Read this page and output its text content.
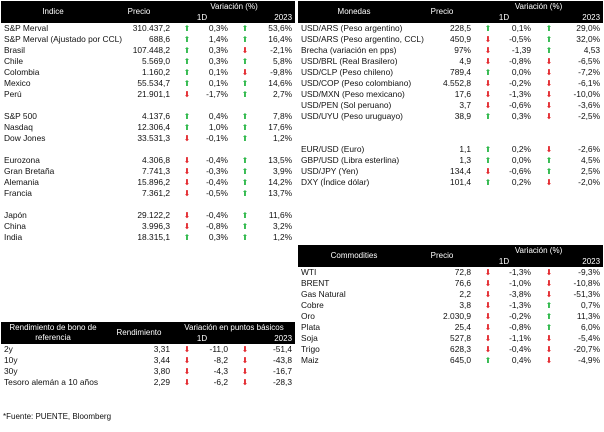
Indice	Precio	Variación (%)			
		1D		2023	
S&P Merval	310.437,2	⬆	0,3%	⬆	53,6%
S&P Merval (Ajustado por CCL)	688,6	⬆	1,4%	⬆	16,4%
Brasil	107.448,2	⬆	0,3%	⬇	-2,1%
Chile	5.569,0	⬆	0,3%	⬆	5,8%
Colombia	1.160,2	⬆	0,1%	⬇	-9,8%
Mexico	55.534,7	⬆	0,1%	⬆	14,6%
Perú	21.901,1	⬇	-1,7%	⬆	2,7%

S&P 500	4.137,6	⬆	0,4%	⬆	7,8%
Nasdaq	12.306,4	⬆	1,0%	⬆	17,6%
Dow Jones	33.531,3	⬇	-0,1%	⬆	1,2%

Eurozona	4.306,8	⬇	-0,4%	⬆	13,5%
Gran Bretaña	7.741,3	⬇	-0,3%	⬆	3,9%
Alemania	15.896,2	⬇	-0,4%	⬆	14,2%
Francia	7.361,2	⬇	-0,5%	⬆	13,7%

Japón	29.122,2	⬇	-0,4%	⬆	11,6%
China	3.996,3	⬇	-0,8%	⬆	3,2%
India	18.315,1	⬆	0,3%	⬆	1,2%
Rendimiento de bono de referencia	Rendimiento	Variación en puntos básicos			
		1D		2023	
2y	3,31	⬇	-11,0	⬇	-51,4
10y	3,44	⬇	-8,2	⬇	-43,8
30y	3,80	⬇	-4,3	⬇	-16,7
Tesoro alemán a 10 años	2,29	⬇	-6,2	⬇	-28,3
Monedas	Precio	Variación (%)			
		1D		2023	
USD/ARS (Peso argentino)	228,5	⬆	0,1%	⬆	29,0%
USD/ARS (Peso argentino, CCL)	450,9	⬇	-0,5%	⬆	32,0%
Brecha (variación en pps)	97%	⬇	-1,39	⬆	4,53
USD/BRL (Real Brasilero)	4,9	⬇	-0,8%	⬇	-6,5%
USD/CLP (Peso chileno)	789,4	⬆	0,0%	⬇	-7,2%
USD/COP (Peso colombiano)	4.552,8	⬇	-0,2%	⬇	-6,1%
USD/MXN (Peso mexicano)	17,6	⬇	-1,3%	⬇	-10,0%
USD/PEN (Sol peruano)	3,7	⬇	-0,6%	⬇	-3,6%
USD/UYU (Peso uruguayo)	38,9	⬆	0,3%	⬇	-2,5%

EUR/USD (Euro)	1,1	⬆	0,2%	⬇	-2,6%
GBP/USD (Libra esterlina)	1,3	⬆	0,0%	⬆	4,5%
USD/JPY (Yen)	134,4	⬇	-0,6%	⬆	2,5%
DXY (Índice dólar)	101,4	⬆	0,2%	⬇	-2,0%
Commodities	Precio	Variación (%)			
		1D		2023	
WTI	72,8	⬇	-1,3%	⬇	-9,3%
BRENT	76,6	⬇	-1,0%	⬇	-10,8%
Gas Natural	2,2	⬇	-3,8%	⬇	-51,3%
Cobre	3,8	⬇	-1,3%	⬆	0,7%
Oro	2.030,9	⬇	-0,2%	⬆	11,3%
Plata	25,4	⬇	-0,8%	⬆	6,0%
Soja	527,8	⬇	-1,1%	⬇	-5,4%
Trigo	628,3	⬇	-0,4%	⬇	-20,7%
Maiz	645,0	⬆	0,4%	⬇	-4,9%
*Fuente: PUENTE, Bloomberg
